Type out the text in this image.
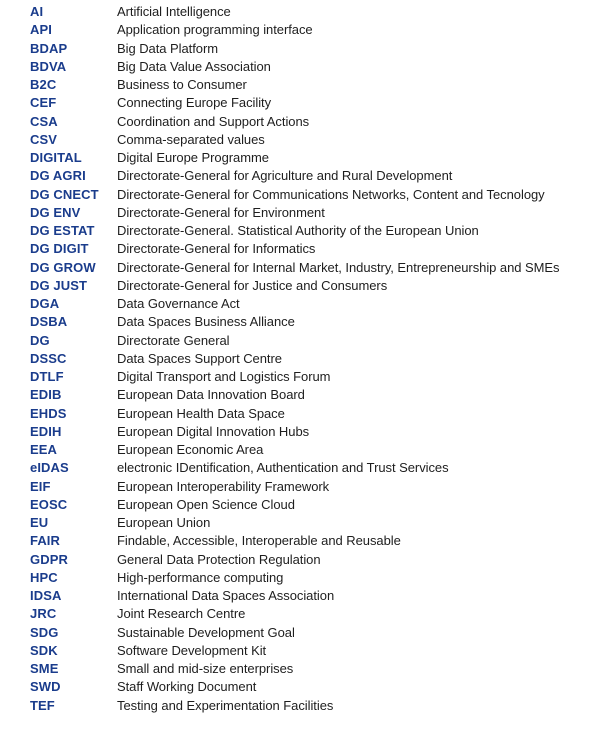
AI	Artificial Intelligence
API	Application programming interface
BDAP	Big Data Platform
BDVA	Big Data Value Association
B2C	Business to Consumer
CEF	Connecting Europe Facility
CSA	Coordination and Support Actions
CSV	Comma-separated values
DIGITAL	Digital Europe Programme
DG AGRI	Directorate-General for Agriculture and Rural Development
DG CNECT	Directorate-General for Communications Networks, Content and Tecnology
DG ENV	Directorate-General for Environment
DG ESTAT	Directorate-General. Statistical Authority of the European Union
DG DIGIT	Directorate-General for Informatics
DG GROW	Directorate-General for Internal Market, Industry, Entrepreneurship and SMEs
DG JUST	Directorate-General for Justice and Consumers
DGA	Data Governance Act
DSBA	Data Spaces Business Alliance
DG	Directorate General
DSSC	Data Spaces Support Centre
DTLF	Digital Transport and Logistics Forum
EDIB	European Data Innovation Board
EHDS	European Health Data Space
EDIH	European Digital Innovation Hubs
EEA	European Economic Area
eIDAS	electronic IDentification, Authentication and Trust Services
EIF	European Interoperability Framework
EOSC	European Open Science Cloud
EU	European Union
FAIR	Findable, Accessible, Interoperable and Reusable
GDPR	General Data Protection Regulation
HPC	High-performance computing
IDSA	International Data Spaces Association
JRC	Joint Research Centre
SDG	Sustainable Development Goal
SDK	Software Development Kit
SME	Small and mid-size enterprises
SWD	Staff Working Document
TEF	Testing and Experimentation Facilities
